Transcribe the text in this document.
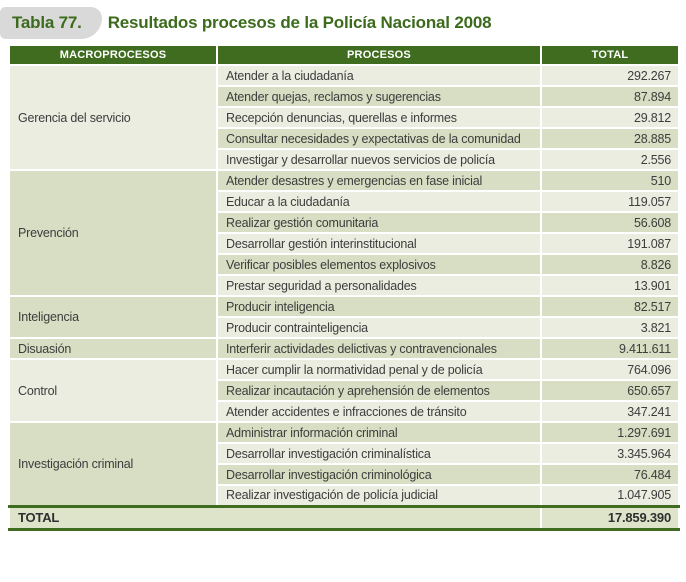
Tabla 77.	Resultados procesos de la Policía Nacional 2008
MACROPROCESOS	PROCESOS	TOTAL
Gerencia del servicio	Atender a la ciudadanía	292.267
	Atender quejas, reclamos y sugerencias	87.894
	Recepción denuncias, querellas e informes	29.812
	Consultar necesidades y expectativas de la comunidad	28.885
	Investigar y desarrollar nuevos servicios de policía	2.556
Prevención	Atender desastres y emergencias en fase inicial	510
	Educar a la ciudadanía	119.057
	Realizar gestión comunitaria	56.608
	Desarrollar gestión interinstitucional	191.087
	Verificar posibles elementos explosivos	8.826
	Prestar seguridad a personalidades	13.901
Inteligencia	Producir inteligencia	82.517
	Producir contrainteligencia	3.821
Disuasión	Interferir actividades delictivas y contravencionales	9.411.611
Control	Hacer cumplir la normatividad penal y de policía	764.096
	Realizar incautación y aprehensión de elementos	650.657
	Atender accidentes e infracciones de tránsito	347.241
Investigación criminal	Administrar información criminal	1.297.691
	Desarrollar investigación criminalística	3.345.964
	Desarrollar investigación criminológica	76.484
	Realizar investigación de policía judicial	1.047.905
TOTAL		17.859.390
